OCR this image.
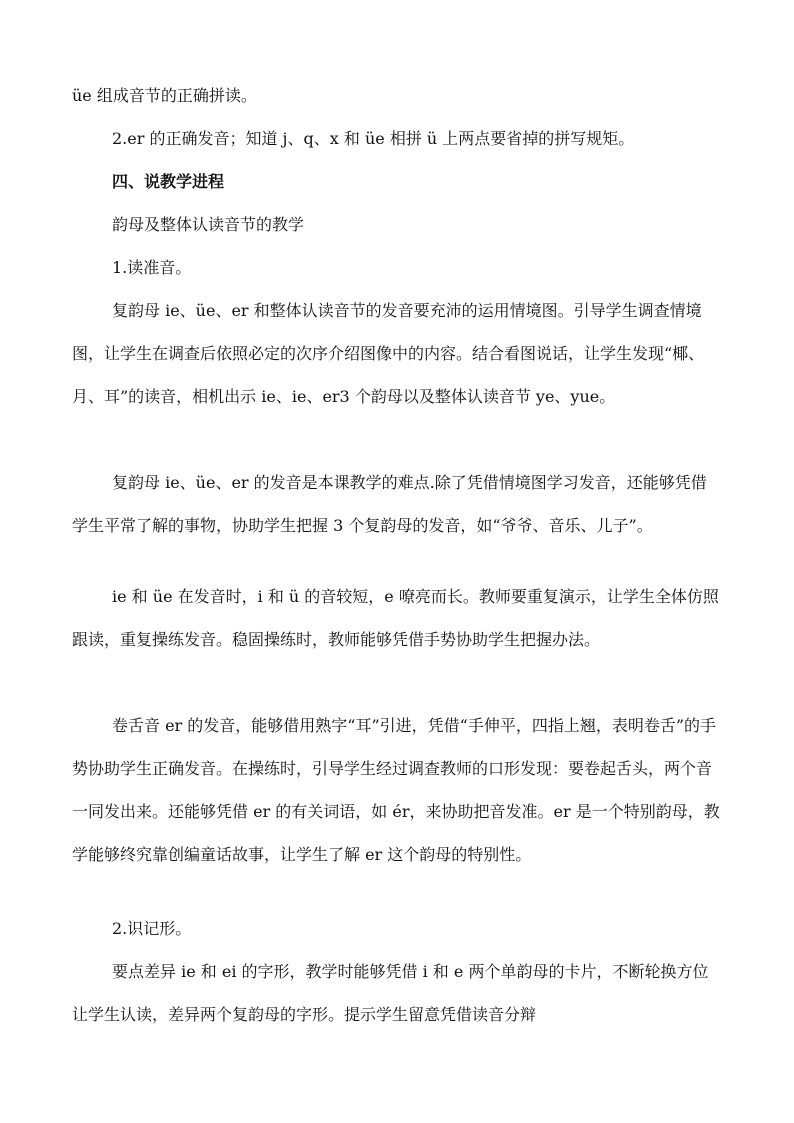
üe 组成音节的正确拼读。

2.er 的正确发音；知道 j、q、x 和 üe 相拼 ü 上两点要省掉的拼写规矩。

四、说教学进程

韵母及整体认读音节的教学

1.读准音。

复韵母 ie、üe、er 和整体认读音节的发音要充沛的运用情境图。引导学生调查情境图，让学生在调查后依照必定的次序介绍图像中的内容。结合看图说话，让学生发现“椰、月、耳”的读音，相机出示 ie、ie、er3 个韵母以及整体认读音节 ye、yue。

复韵母 ie、üe、er 的发音是本课教学的难点.除了凭借情境图学习发音，还能够凭借学生平常了解的事物，协助学生把握 3 个复韵母的发音，如“爷爷、音乐、儿子”。

ie 和 üe 在发音时，i 和 ü 的音较短，e 嘹亮而长。教师要重复演示，让学生全体仿照跟读，重复操练发音。稳固操练时，教师能够凭借手势协助学生把握办法。

卷舌音 er 的发音，能够借用熟字“耳”引进，凭借“手伸平，四指上翘，表明卷舌”的手势协助学生正确发音。在操练时，引导学生经过调查教师的口形发现：要卷起舌头，两个音一同发出来。还能够凭借 er 的有关词语，如 ér，来协助把音发准。er 是一个特别韵母，教学能够终究靠创编童话故事，让学生了解 er 这个韵母的特别性。

2.识记形。

要点差异 ie 和 ei 的字形，教学时能够凭借 i 和 e 两个单韵母的卡片，不断轮换方位让学生认读，差异两个复韵母的字形。提示学生留意凭借读音分辩
